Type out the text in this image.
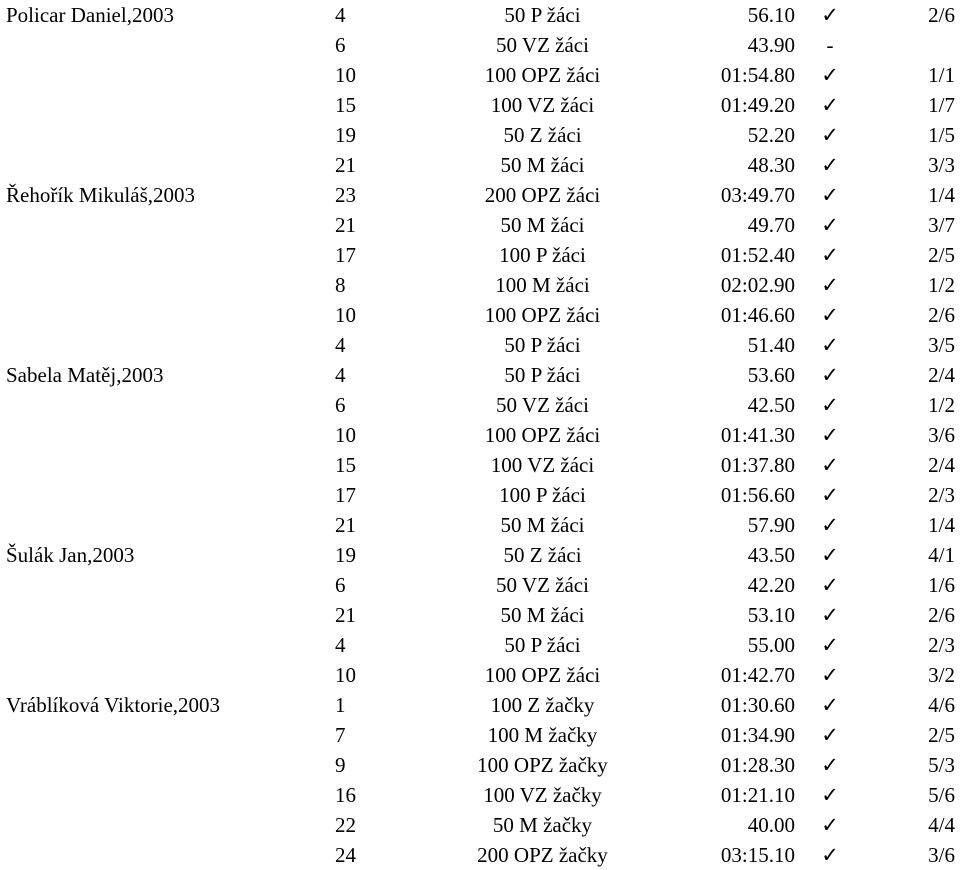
Policar Daniel,2003	4	50 P žáci	56.10	✓	2/6
6	50 VZ žáci	43.90	-
10	100 OPZ žáci	01:54.80	✓	1/1
15	100 VZ žáci	01:49.20	✓	1/7
19	50 Z žáci	52.20	✓	1/5
21	50 M žáci	48.30	✓	3/3
Řehořík Mikuláš,2003	23	200 OPZ žáci	03:49.70	✓	1/4
21	50 M žáci	49.70	✓	3/7
17	100 P žáci	01:52.40	✓	2/5
8	100 M žáci	02:02.90	✓	1/2
10	100 OPZ žáci	01:46.60	✓	2/6
4	50 P žáci	51.40	✓	3/5
Sabela Matěj,2003	4	50 P žáci	53.60	✓	2/4
6	50 VZ žáci	42.50	✓	1/2
10	100 OPZ žáci	01:41.30	✓	3/6
15	100 VZ žáci	01:37.80	✓	2/4
17	100 P žáci	01:56.60	✓	2/3
21	50 M žáci	57.90	✓	1/4
Šulák Jan,2003	19	50 Z žáci	43.50	✓	4/1
6	50 VZ žáci	42.20	✓	1/6
21	50 M žáci	53.10	✓	2/6
4	50 P žáci	55.00	✓	2/3
10	100 OPZ žáci	01:42.70	✓	3/2
Vráblíková Viktorie,2003	1	100 Z žačky	01:30.60	✓	4/6
7	100 M žačky	01:34.90	✓	2/5
9	100 OPZ žačky	01:28.30	✓	5/3
16	100 VZ žačky	01:21.10	✓	5/6
22	50 M žačky	40.00	✓	4/4
24	200 OPZ žačky	03:15.10	✓	3/6
